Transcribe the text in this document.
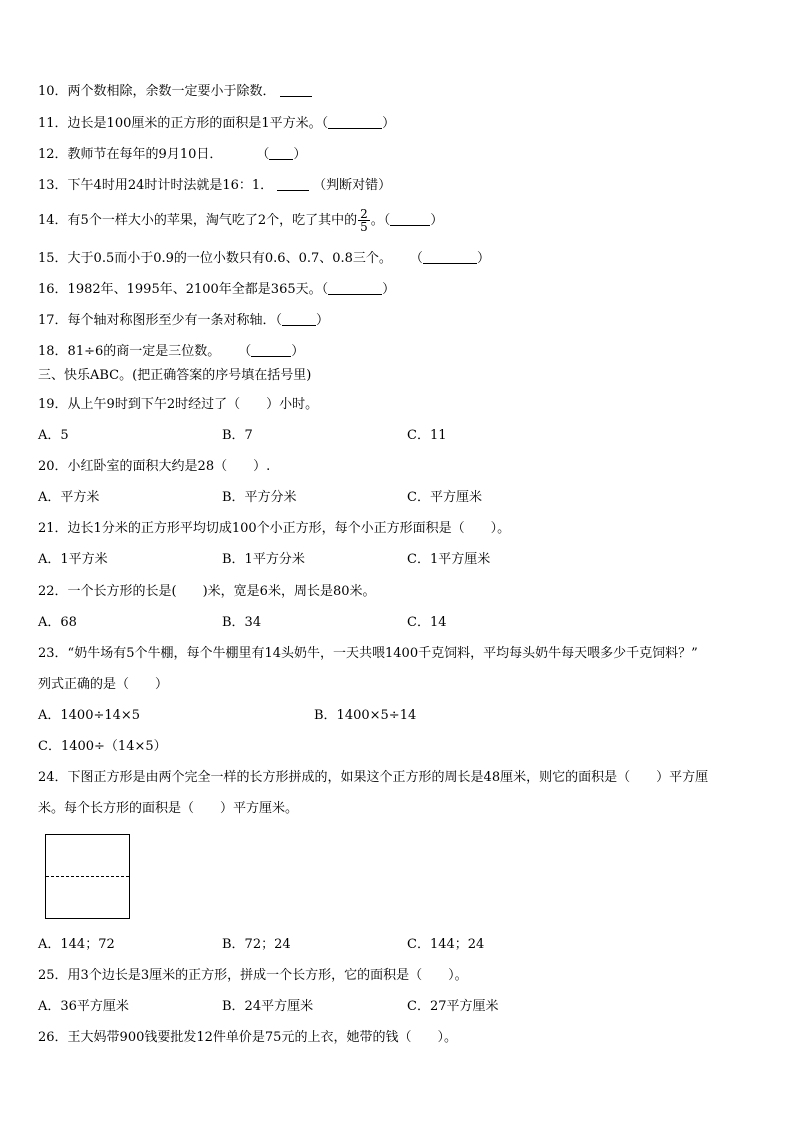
10．两个数相除，余数一定要小于除数．
11．边长是100厘米的正方形的面积是1平方米。（	）
12．教师节在每年的9月10日．	（ ）
13．下午4时用24时计时法就是16：1．	（判断对错）
14．有5个一样大小的苹果，淘气吃了2个，吃了其中的 $\frac{2}{5}$ 。（	）
15．大于0.5而小于0.9的一位小数只有0.6、0.7、0.8三个。 （	）
16．1982年、1995年、2100年全都是365天。（	）
17．每个轴对称图形至少有一条对称轴．（	）
18．81÷6的商一定是三位数。 （	）
三、快乐ABC。(把正确答案的序号填在括号里)
19．从上午9时到下午2时经过了（　　）小时。
A．5	B．7	C．11
20．小红卧室的面积大约是28（　　）.
A．平方米	B．平方分米	C．平方厘米
21．边长1分米的正方形平均切成100个小正方形，每个小正方形面积是（　　）。
A．1平方米	B．1平方分米	C．1平方厘米
22．一个长方形的长是(　　)米，宽是6米，周长是80米。
A．68	B．34	C．14
23．“奶牛场有5个牛棚，每个牛棚里有14头奶牛，一天共喂1400千克饲料，平均每头奶牛每天喂多少千克饲料？”
列式正确的是（　　）
A．1400÷14×5	B．1400×5÷14
C．1400÷（14×5）
24．下图正方形是由两个完全一样的长方形拼成的，如果这个正方形的周长是48厘米，则它的面积是（　　）平方厘
米。每个长方形的面积是（　　）平方厘米。
A．144；72	B．72；24	C．144；24
25．用3个边长是3厘米的正方形，拼成一个长方形，它的面积是（　　）。
A．36平方厘米	B．24平方厘米	C．27平方厘米
26．王大妈带900钱要批发12件单价是75元的上衣，她带的钱（　　）。
